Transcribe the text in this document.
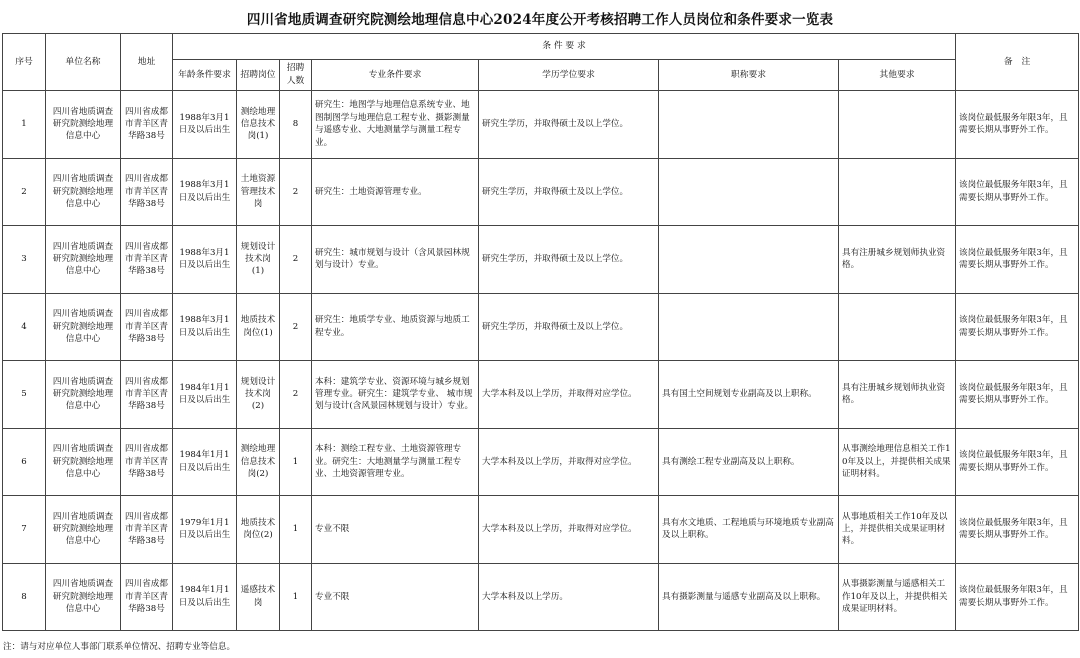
四川省地质调查研究院测绘地理信息中心2024年度公开考核招聘工作人员岗位和条件要求一览表
序号	单位名称	地址	条 件 要 求							备　注
			年龄条件要求	招聘岗位	招聘人数	专业条件要求	学历学位要求	职称要求	其他要求	
1	四川省地质调查研究院测绘地理信息中心	四川省成都市青羊区青华路38号	1988年3月1日及以后出生	测绘地理信息技术岗(1)	8	研究生：地图学与地理信息系统专业、地图制图学与地理信息工程专业、摄影测量与遥感专业、大地测量学与测量工程专业。	研究生学历，并取得硕士及以上学位。			该岗位最低服务年限3年，且需要长期从事野外工作。
2	四川省地质调查研究院测绘地理信息中心	四川省成都市青羊区青华路38号	1988年3月1日及以后出生	土地资源管理技术岗	2	研究生：土地资源管理专业。	研究生学历，并取得硕士及以上学位。			该岗位最低服务年限3年，且需要长期从事野外工作。
3	四川省地质调查研究院测绘地理信息中心	四川省成都市青羊区青华路38号	1988年3月1日及以后出生	规划设计技术岗(1)	2	研究生：城市规划与设计（含风景园林规划与设计）专业。	研究生学历，并取得硕士及以上学位。		具有注册城乡规划师执业资格。	该岗位最低服务年限3年，且需要长期从事野外工作。
4	四川省地质调查研究院测绘地理信息中心	四川省成都市青羊区青华路38号	1988年3月1日及以后出生	地质技术岗位(1)	2	研究生：地质学专业、地质资源与地质工程专业。	研究生学历，并取得硕士及以上学位。			该岗位最低服务年限3年，且需要长期从事野外工作。
5	四川省地质调查研究院测绘地理信息中心	四川省成都市青羊区青华路38号	1984年1月1日及以后出生	规划设计技术岗(2)	2	本科：建筑学专业、资源环境与城乡规划管理专业。研究生：建筑学专业、 城市规划与设计(含风景园林规划与设计）专业。	大学本科及以上学历，并取得对应学位。	具有国土空间规划专业副高及以上职称。	具有注册城乡规划师执业资格。	该岗位最低服务年限3年，且需要长期从事野外工作。
6	四川省地质调查研究院测绘地理信息中心	四川省成都市青羊区青华路38号	1984年1月1日及以后出生	测绘地理信息技术岗(2)	1	本科：测绘工程专业、土地资源管理专业。研究生：大地测量学与测量工程专业、土地资源管理专业。	大学本科及以上学历，并取得对应学位。	具有测绘工程专业副高及以上职称。	从事测绘地理信息相关工作10年及以上，并提供相关成果证明材料。	该岗位最低服务年限3年，且需要长期从事野外工作。
7	四川省地质调查研究院测绘地理信息中心	四川省成都市青羊区青华路38号	1979年1月1日及以后出生	地质技术岗位(2)	1	专业不限	大学本科及以上学历，并取得对应学位。	具有水文地质、工程地质与环境地质专业副高及以上职称。	从事地质相关工作10年及以上，并提供相关成果证明材料。	该岗位最低服务年限3年，且需要长期从事野外工作。
8	四川省地质调查研究院测绘地理信息中心	四川省成都市青羊区青华路38号	1984年1月1日及以后出生	遥感技术岗	1	专业不限	大学本科及以上学历。	具有摄影测量与遥感专业副高及以上职称。	从事摄影测量与遥感相关工作10年及以上，并提供相关成果证明材料。	该岗位最低服务年限3年，且需要长期从事野外工作。
注：请与对应单位人事部门联系单位情况、招聘专业等信息。
